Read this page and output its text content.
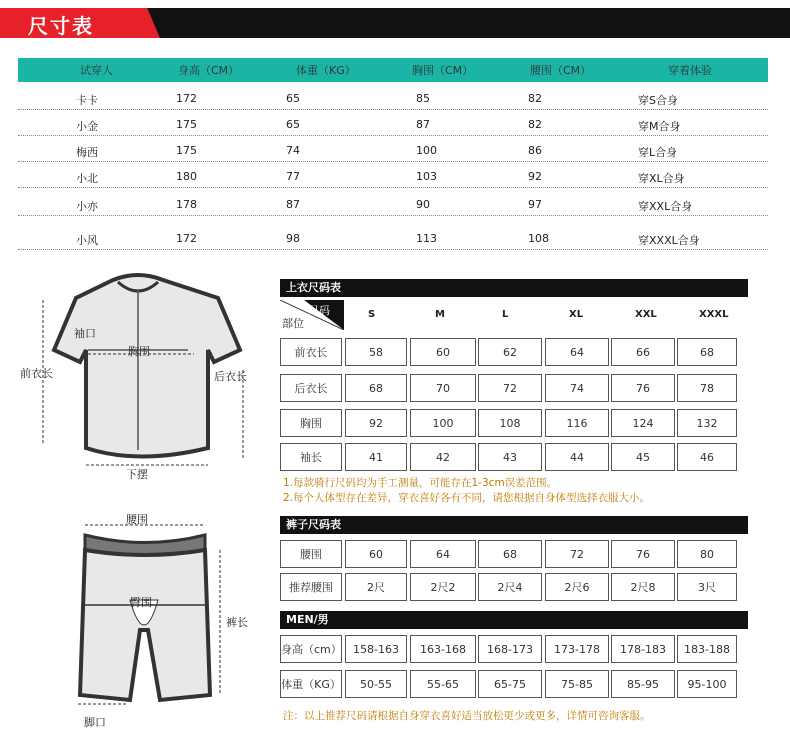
尺寸表
试穿人	身高（CM）	体重（KG）	胸围（CM）	腰围（CM）	穿着体验
卡卡	172	65	85	82	穿S合身
小金	175	65	87	82	穿M合身
梅西	175	74	100	86	穿L合身
小北	180	77	103	92	穿XL合身
小亦	178	87	90	97	穿XXL合身
小风	172	98	113	108	穿XXXL合身
袖口
胸围
前衣长	后衣长
下摆
腰围
臀围
裤长
脚口
上衣尺码表
尺码
部位
S	M	L	XL	XXL	XXXL
前衣长	58	60	62	64	66	68
后衣长	68	70	72	74	76	78
胸围	92	100	108	116	124	132
袖长	41	42	43	44	45	46
1.每款骑行尺码均为手工测量，可能存在1-3cm误差范围。
2.每个人体型存在差异，穿衣喜好各有不同，请您根据自身体型选择衣服大小。
裤子尺码表
腰围	60	64	68	72	76	80
推荐腰围	2尺	2尺2	2尺4	2尺6	2尺8	3尺
MEN/男
身高（cm）	158-163	163-168	168-173	173-178	178-183	183-188
体重（KG）	50-55	55-65	65-75	75-85	85-95	95-100
注：以上推荐尺码请根据自身穿衣喜好适当放松更少或更多，详情可咨询客服。
